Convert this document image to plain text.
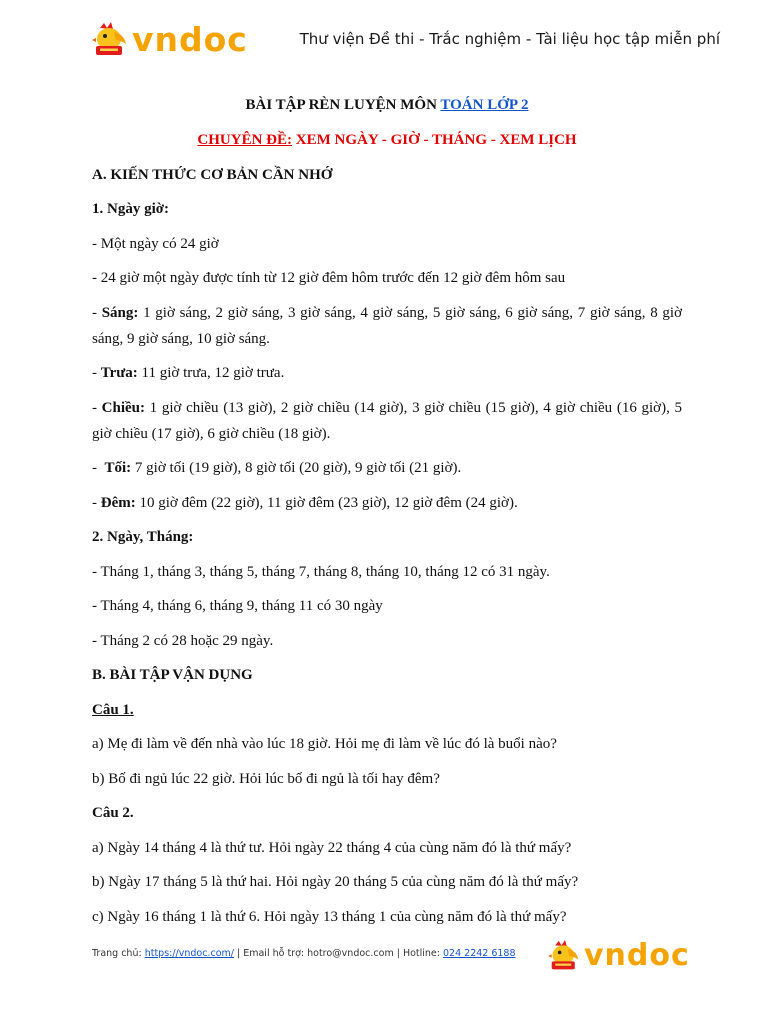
vndoc	Thư viện Đề thi - Trắc nghiệm - Tài liệu học tập miễn phí

BÀI TẬP RÈN LUYỆN MÔN TOÁN LỚP 2

CHUYÊN ĐỀ: XEM NGÀY - GIỜ - THÁNG - XEM LỊCH

A. KIẾN THỨC CƠ BẢN CẦN NHỚ

1. Ngày giờ:

- Một ngày có 24 giờ

- 24 giờ một ngày được tính từ 12 giờ đêm hôm trước đến 12 giờ đêm hôm sau

- Sáng: 1 giờ sáng, 2 giờ sáng, 3 giờ sáng, 4 giờ sáng, 5 giờ sáng, 6 giờ sáng, 7 giờ sáng, 8 giờ sáng, 9 giờ sáng, 10 giờ sáng.

- Trưa: 11 giờ trưa, 12 giờ trưa.

- Chiều: 1 giờ chiều (13 giờ), 2 giờ chiều (14 giờ), 3 giờ chiều (15 giờ), 4 giờ chiều (16 giờ), 5 giờ chiều (17 giờ), 6 giờ chiều (18 giờ).

-  Tối: 7 giờ tối (19 giờ), 8 giờ tối (20 giờ), 9 giờ tối (21 giờ).

- Đêm: 10 giờ đêm (22 giờ), 11 giờ đêm (23 giờ), 12 giờ đêm (24 giờ).

2. Ngày, Tháng:

- Tháng 1, tháng 3, tháng 5, tháng 7, tháng 8, tháng 10, tháng 12 có 31 ngày.

- Tháng 4, tháng 6, tháng 9, tháng 11 có 30 ngày

- Tháng 2 có 28 hoặc 29 ngày.

B. BÀI TẬP VẬN DỤNG

Câu 1.

a) Mẹ đi làm về đến nhà vào lúc 18 giờ. Hỏi mẹ đi làm về lúc đó là buổi nào?

b) Bố đi ngủ lúc 22 giờ. Hỏi lúc bố đi ngủ là tối hay đêm?

Câu 2.

a) Ngày 14 tháng 4 là thứ tư. Hỏi ngày 22 tháng 4 của cùng năm đó là thứ mấy?

b) Ngày 17 tháng 5 là thứ hai. Hỏi ngày 20 tháng 5 của cùng năm đó là thứ mấy?

c) Ngày 16 tháng 1 là thứ 6. Hỏi ngày 13 tháng 1 của cùng năm đó là thứ mấy?

Trang chủ: https://vndoc.com/ | Email hỗ trợ: hotro@vndoc.com | Hotline: 024 2242 6188 vndoc
